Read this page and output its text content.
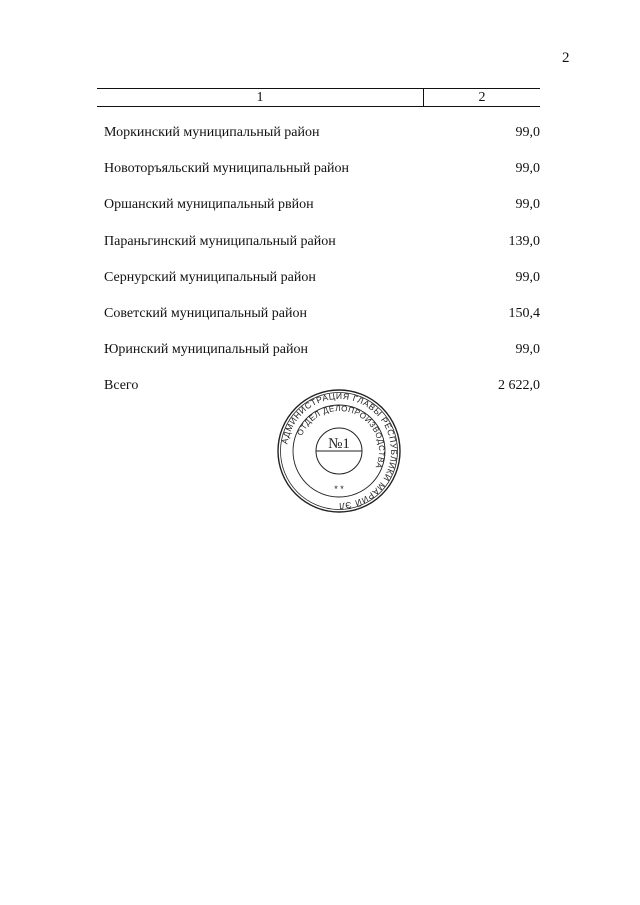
2
1	2
Моркинский муниципальный район	99,0
Новоторъяльский муниципальный район	99,0
Оршанский муниципальный рвйон	99,0
Параньгинский муниципальный район	139,0
Сернурский муниципальный район	99,0
Советский муниципальный район	150,4
Юринский муниципальный район	99,0
Всего	2 622,0
АДМИНИСТРАЦИЯ ГЛАВЫ РЕСПУБЛИКИ МАРИЙ ЭЛ
ОТДЕЛ ДЕЛОПРОИЗВОДСТВА
№1
* *
